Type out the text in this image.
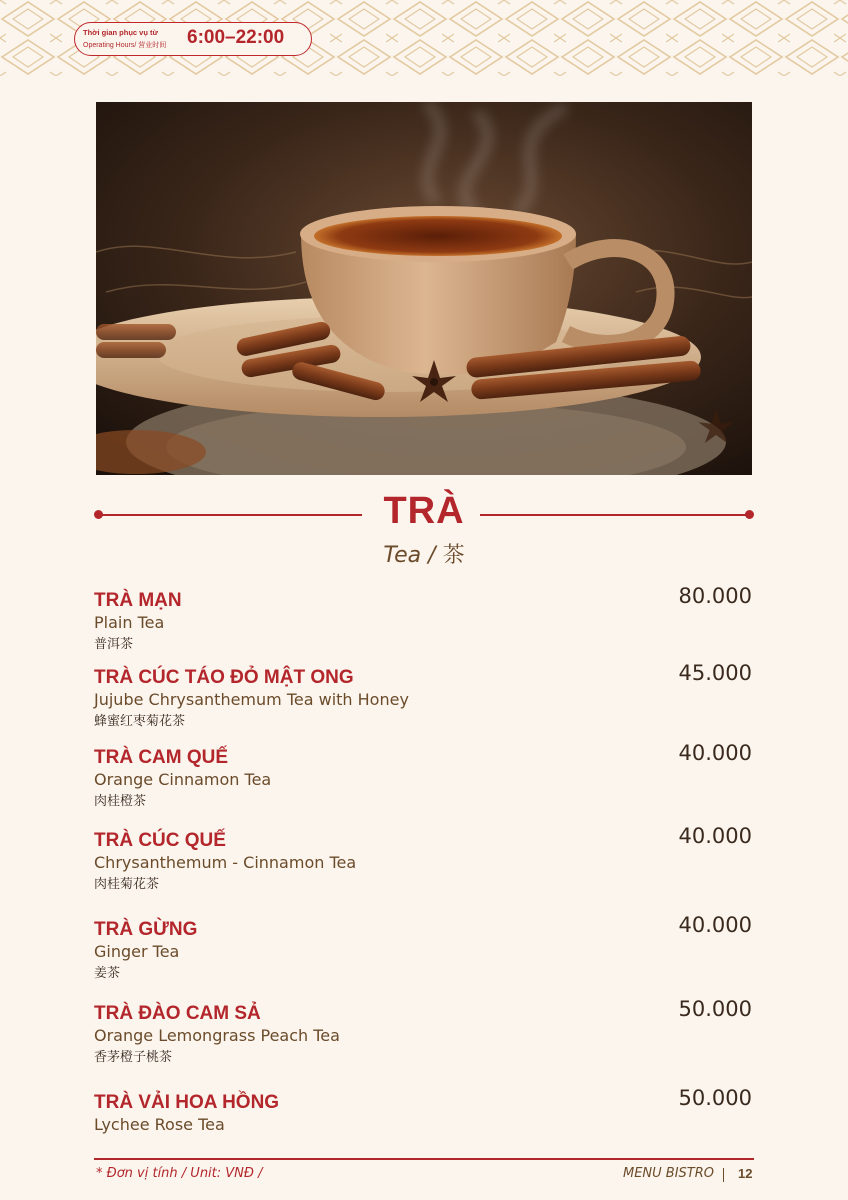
Thời gian phục vụ từ
Operating Hours/ 营业时间 6:00–22:00
TRÀ
Tea / 茶
TRÀ MẠN
Plain Tea
普洱茶
80.000
TRÀ CÚC TÁO ĐỎ MẬT ONG
Jujube Chrysanthemum Tea with Honey
蜂蜜红枣菊花茶
45.000
TRÀ CAM QUẾ
Orange Cinnamon Tea
肉桂橙茶
40.000
TRÀ CÚC QUẾ
Chrysanthemum - Cinnamon Tea
肉桂菊花茶
40.000
TRÀ GỪNG
Ginger Tea
姜茶
40.000
TRÀ ĐÀO CAM SẢ
Orange Lemongrass Peach Tea
香茅橙子桃茶
50.000
TRÀ VẢI HOA HỒNG
Lychee Rose Tea
50.000
* Đơn vị tính / Unit: VNĐ /	MENU BISTRO 12
